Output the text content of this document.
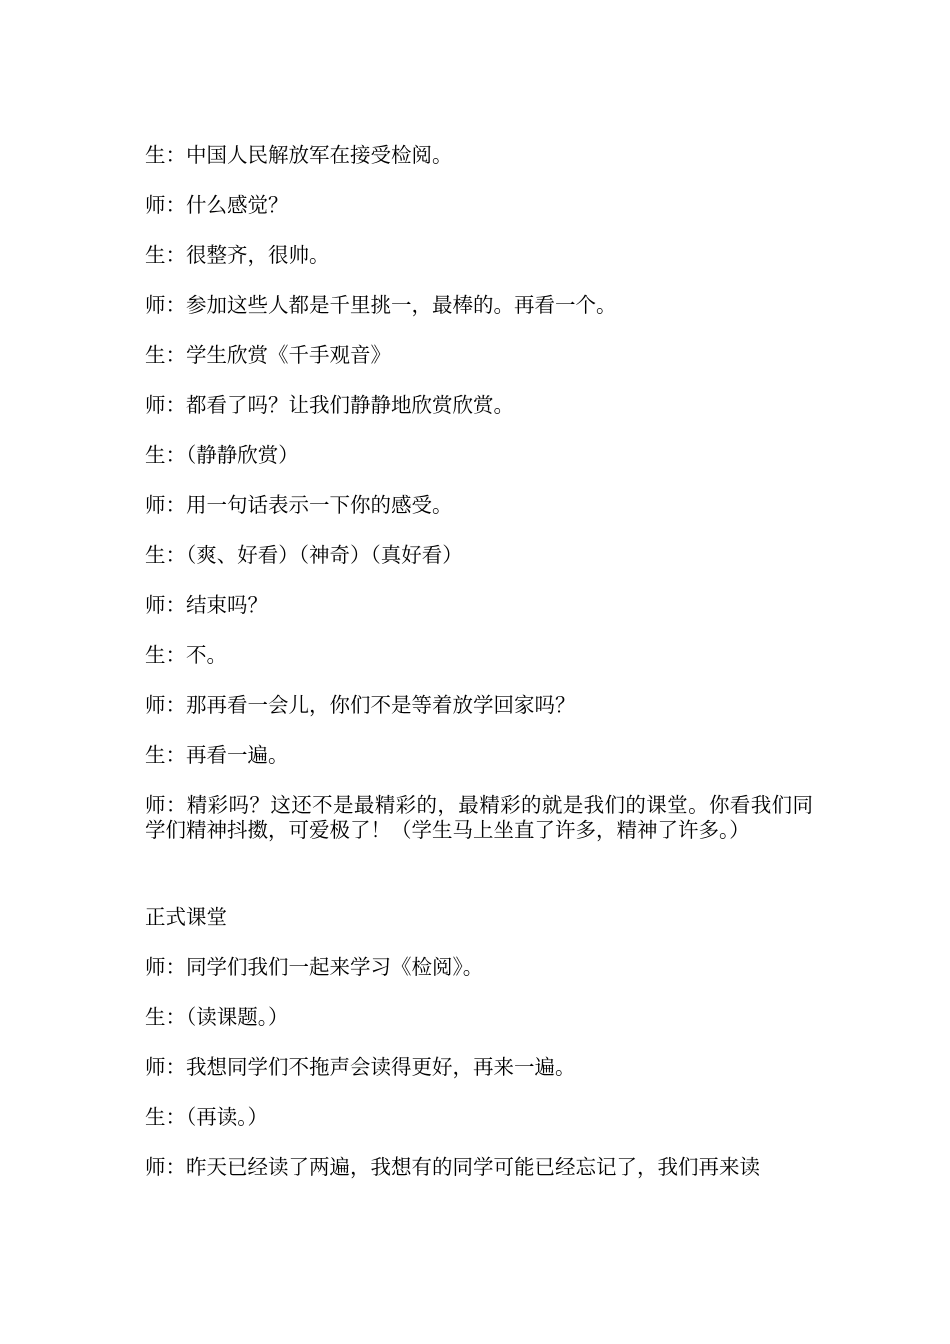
生：中国人民解放军在接受检阅。
师：什么感觉？
生：很整齐，很帅。
师：参加这些人都是千里挑一，最棒的。再看一个。
生：学生欣赏《千手观音》
师：都看了吗？让我们静静地欣赏欣赏。
生：（静静欣赏）
师：用一句话表示一下你的感受。
生：（爽、好看）（神奇）（真好看）
师：结束吗？
生：不。
师：那再看一会儿，你们不是等着放学回家吗？
生：再看一遍。
师：精彩吗？这还不是最精彩的，最精彩的就是我们的课堂。你看我们同学们精神抖擞，可爱极了！（学生马上坐直了许多，精神了许多。）
正式课堂
师：同学们我们一起来学习《检阅》。
生：（读课题。）
师：我想同学们不拖声会读得更好，再来一遍。
生：（再读。）
师：昨天已经读了两遍，我想有的同学可能已经忘记了，我们再来读
